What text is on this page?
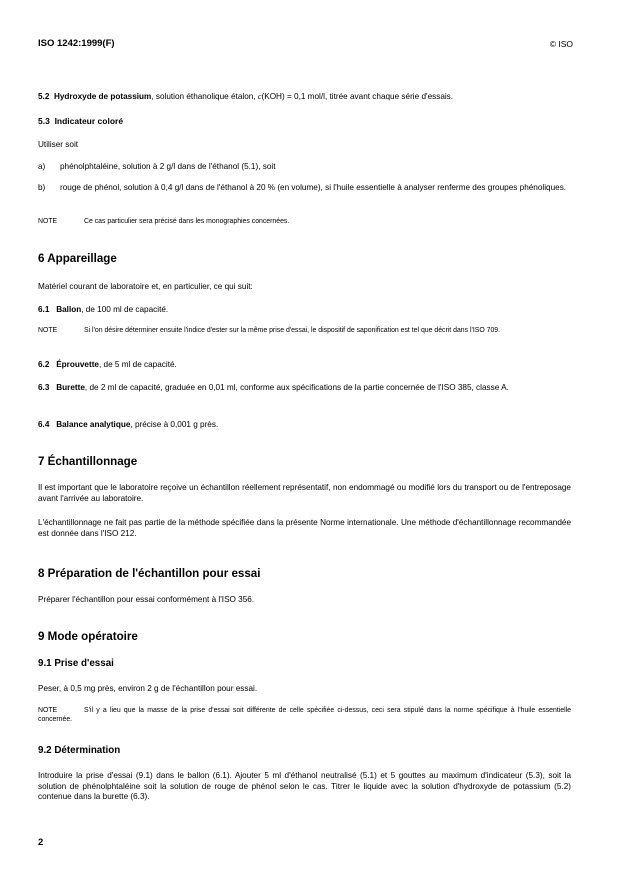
ISO 1242:1999(F)	© ISO
5.2 Hydroxyde de potassium, solution éthanolique étalon, c(KOH) = 0,1 mol/l, titrée avant chaque série d'essais.
5.3 Indicateur coloré
Utiliser soit
a) phénolphtaléine, solution à 2 g/l dans de l'éthanol (5.1), soit
b) rouge de phénol, solution à 0,4 g/l dans de l'éthanol à 20 % (en volume), si l'huile essentielle à analyser renferme des groupes phénoliques.
NOTE	Ce cas particulier sera précisé dans les monographies concernées.
6 Appareillage
Matériel courant de laboratoire et, en particulier, ce qui suit:
6.1 Ballon, de 100 ml de capacité.
NOTE	Si l'on désire déterminer ensuite l'indice d'ester sur la même prise d'essai, le dispositif de saponification est tel que décrit dans l'ISO 709.
6.2 Éprouvette, de 5 ml de capacité.
6.3 Burette, de 2 ml de capacité, graduée en 0,01 ml, conforme aux spécifications de la partie concernée de l'ISO 385, classe A.
6.4 Balance analytique, précise à 0,001 g près.
7 Échantillonnage
Il est important que le laboratoire reçoive un échantillon réellement représentatif, non endommagé ou modifié lors du transport ou de l'entreposage avant l'arrivée au laboratoire.
L'échantillonnage ne fait pas partie de la méthode spécifiée dans la présente Norme internationale. Une méthode d'échantillonnage recommandée est donnée dans l'ISO 212.
8 Préparation de l'échantillon pour essai
Préparer l'échantillon pour essai conformément à l'ISO 356.
9 Mode opératoire
9.1 Prise d'essai
Peser, à 0,5 mg près, environ 2 g de l'échantillon pour essai.
NOTE	S'il y a lieu que la masse de la prise d'essai soit différente de celle spécifiée ci-dessus, ceci sera stipulé dans la norme spécifique à l'huile essentielle concernée.
9.2 Détermination
Introduire la prise d'essai (9.1) dans le ballon (6.1). Ajouter 5 ml d'éthanol neutralisé (5.1) et 5 gouttes au maximum d'indicateur (5.3), soit la solution de phénolphtaléine soit la solution de rouge de phénol selon le cas. Titrer le liquide avec la solution d'hydroxyde de potassium (5.2) contenue dans la burette (6.3).
2
